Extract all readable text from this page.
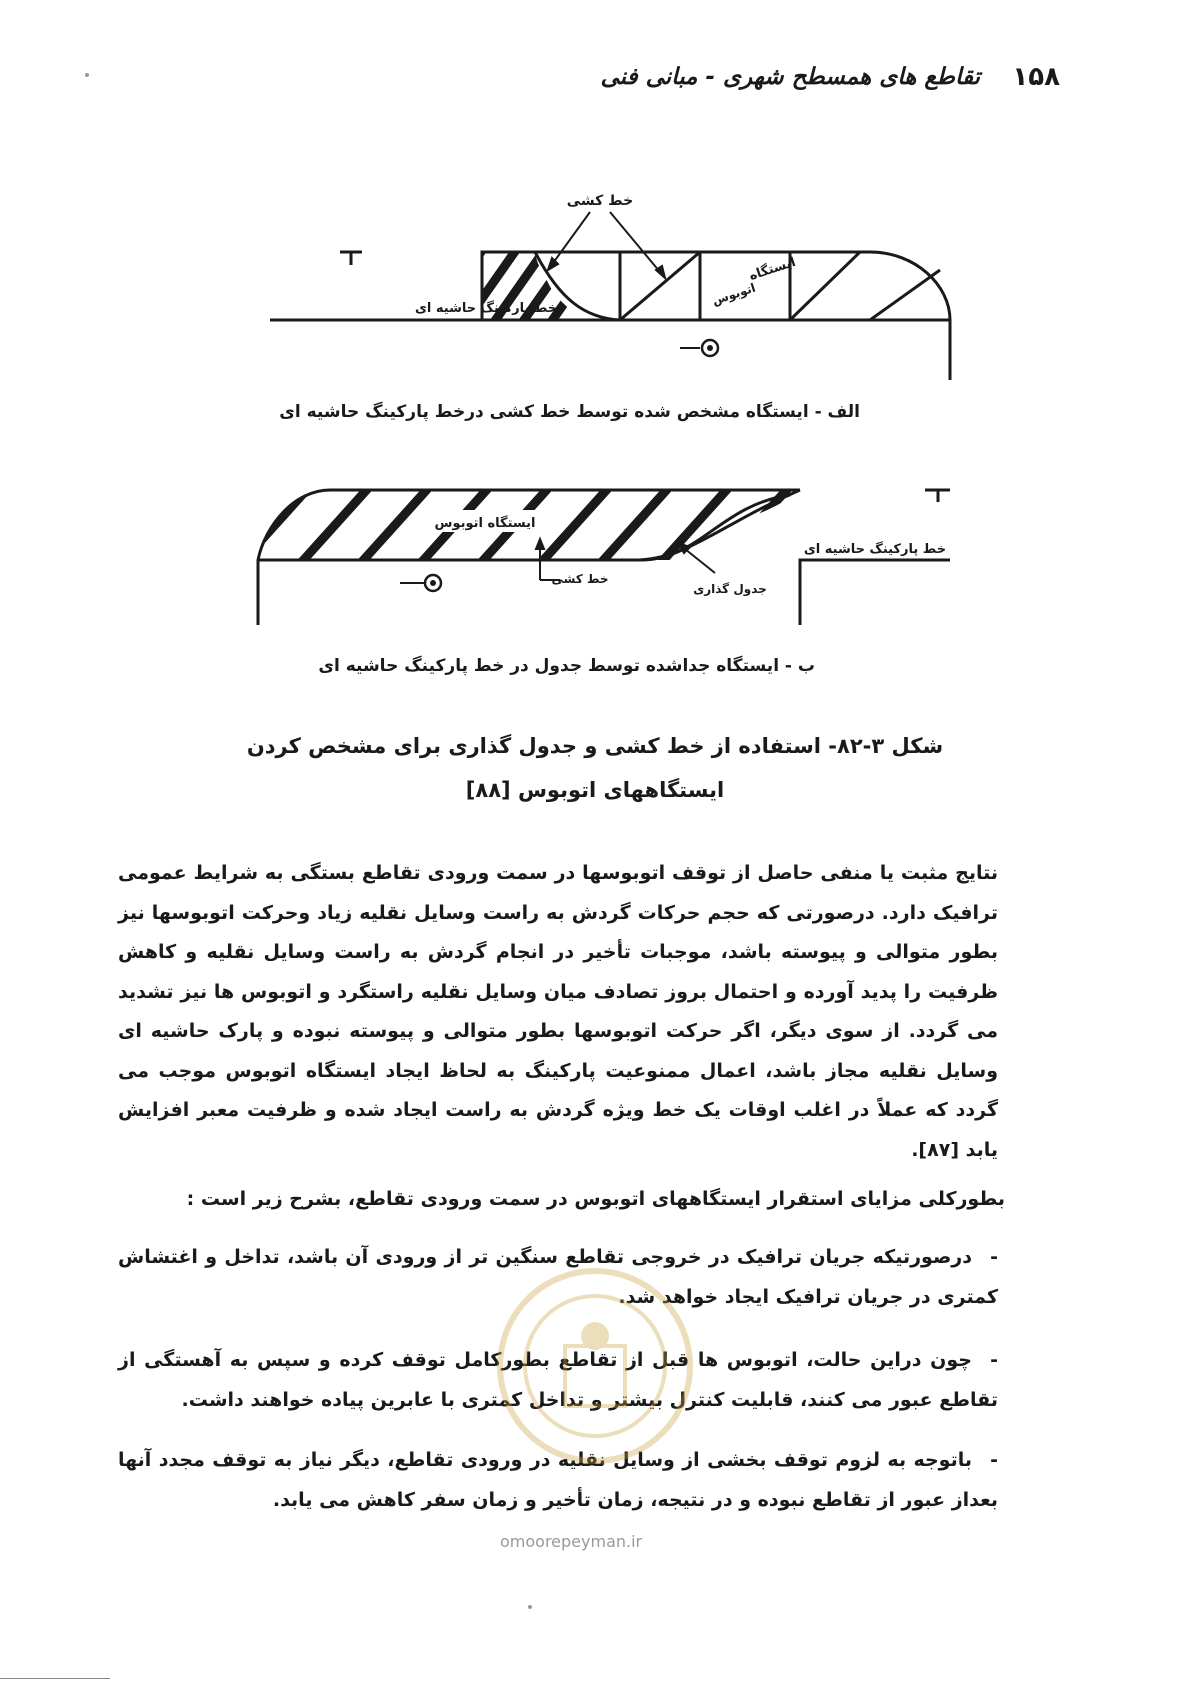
۱۵۸
تقاطع های همسطح شهری - مبانی فنی
خط کشی
ایستگاه
اتوبوس
خط پارکینگ حاشیه ای
الف - ایستگاه مشخص شده توسط خط کشی درخط پارکینگ حاشیه ای
ایستگاه اتوبوس
خط کشی
جدول گذاری
خط پارکینگ حاشیه ای
ب - ایستگاه جداشده توسط جدول در خط پارکینگ حاشیه ای
شکل ۳-۸۲- استفاده از خط کشی و جدول گذاری برای مشخص کردن
ایستگاههای اتوبوس [۸۸]
نتایج مثبت یا منفی حاصل از توقف اتوبوسها در سمت ورودی تقاطع بستگی به شرایط عمومی ترافیک دارد. درصورتی که حجم حرکات گردش به راست وسایل نقلیه زیاد وحرکت اتوبوسها نیز بطور متوالی و پیوسته باشد، موجبات تأخیر در انجام گردش به راست وسایل نقلیه و کاهش ظرفیت را پدید آورده و احتمال بروز تصادف میان وسایل نقلیه راستگرد و اتوبوس ها نیز تشدید می گردد. از سوی دیگر، اگر حرکت اتوبوسها بطور متوالی و پیوسته نبوده و پارک حاشیه ای وسایل نقلیه مجاز باشد، اعمال ممنوعیت پارکینگ به لحاظ ایجاد ایستگاه اتوبوس موجب می گردد که عملاً در اغلب اوقات یک خط ویژه گردش به راست ایجاد شده و ظرفیت معبر افزایش یابد [۸۷].
بطورکلی مزایای استقرار ایستگاههای اتوبوس در سمت ورودی تقاطع، بشرح زیر است :
-درصورتیکه جریان ترافیک در خروجی تقاطع سنگین تر از ورودی آن باشد، تداخل و اغتشاش کمتری در جریان ترافیک ایجاد خواهد شد.
-چون دراین حالت، اتوبوس ها قبل از تقاطع بطورکامل توقف کرده و سپس به آهستگی از تقاطع عبور می کنند، قابلیت کنترل بیشتر و تداخل کمتری با عابرین پیاده خواهند داشت.
-باتوجه به لزوم توقف بخشی از وسایل نقلیه در ورودی تقاطع، دیگر نیاز به توقف مجدد آنها بعداز عبور از تقاطع نبوده و در نتیجه، زمان تأخیر و زمان سفر کاهش می یابد.
omoorepeyman.ir
